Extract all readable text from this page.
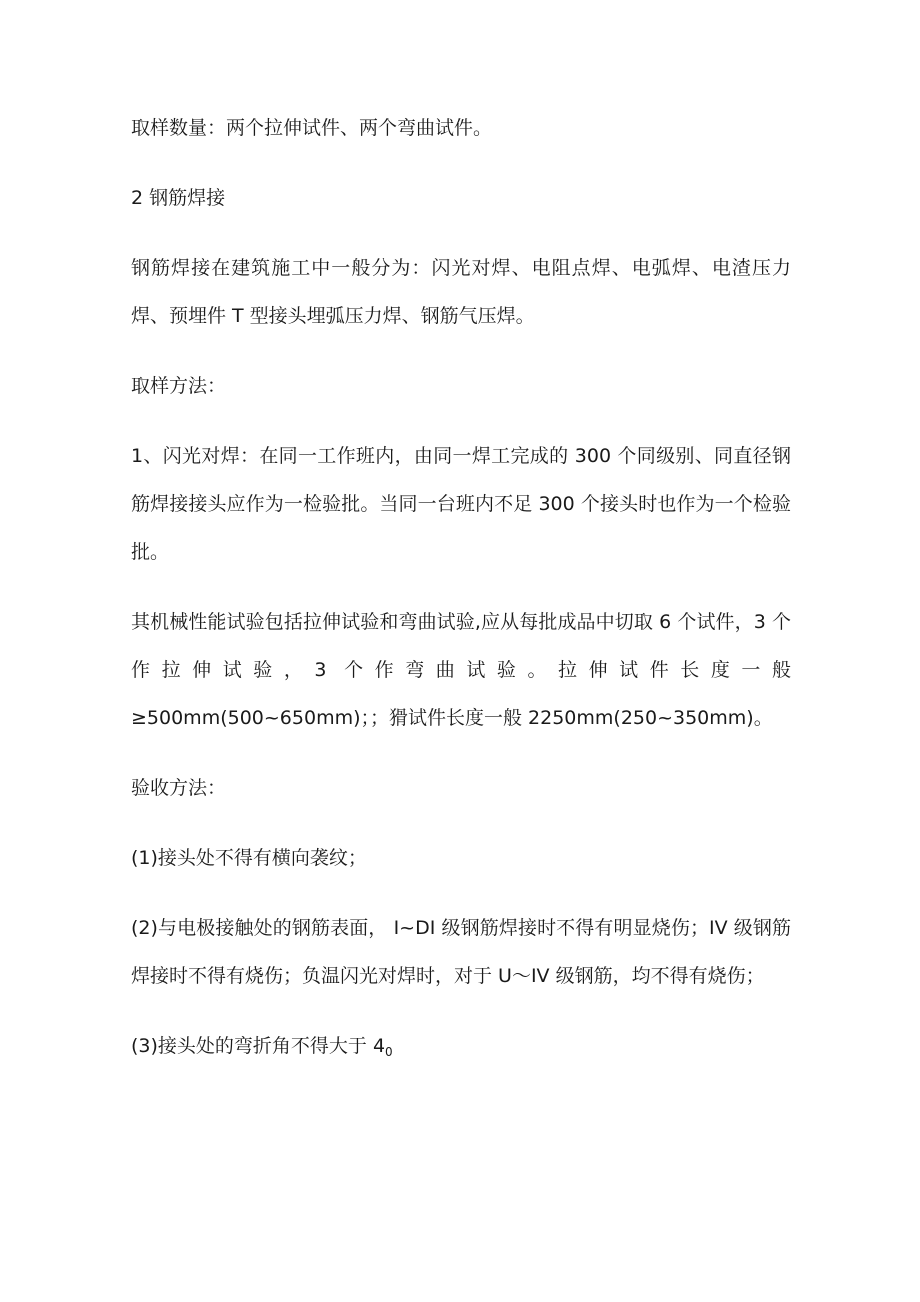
取样数量：两个拉伸试件、两个弯曲试件。

2 钢筋焊接

钢筋焊接在建筑施工中一般分为：闪光对焊、电阻点焊、电弧焊、电渣压力焊、预埋件 T 型接头埋弧压力焊、钢筋气压焊。

取样方法：

1、闪光对焊：在同一工作班内，由同一焊工完成的 300 个同级别、同直径钢筋焊接接头应作为一检验批。当同一台班内不足 300 个接头时也作为一个检验批。

其机械性能试验包括拉伸试验和弯曲试验,应从每批成品中切取 6 个试件，3 个作拉伸试验，3 个作弯曲试验。拉伸试件长度一般≥500mm(500~650mm)；；猾试件长度一般 2250mm(250~350mm)。

验收方法：

(1)接头处不得有横向袭纹；

(2)与电极接触处的钢筋表面， I~DI 级钢筋焊接时不得有明显烧伤；IV 级钢筋焊接时不得有烧伤；负温闪光对焊时，对于 U～IV 级钢筋，均不得有烧伤；

(3)接头处的弯折角不得大于 $4_0$
